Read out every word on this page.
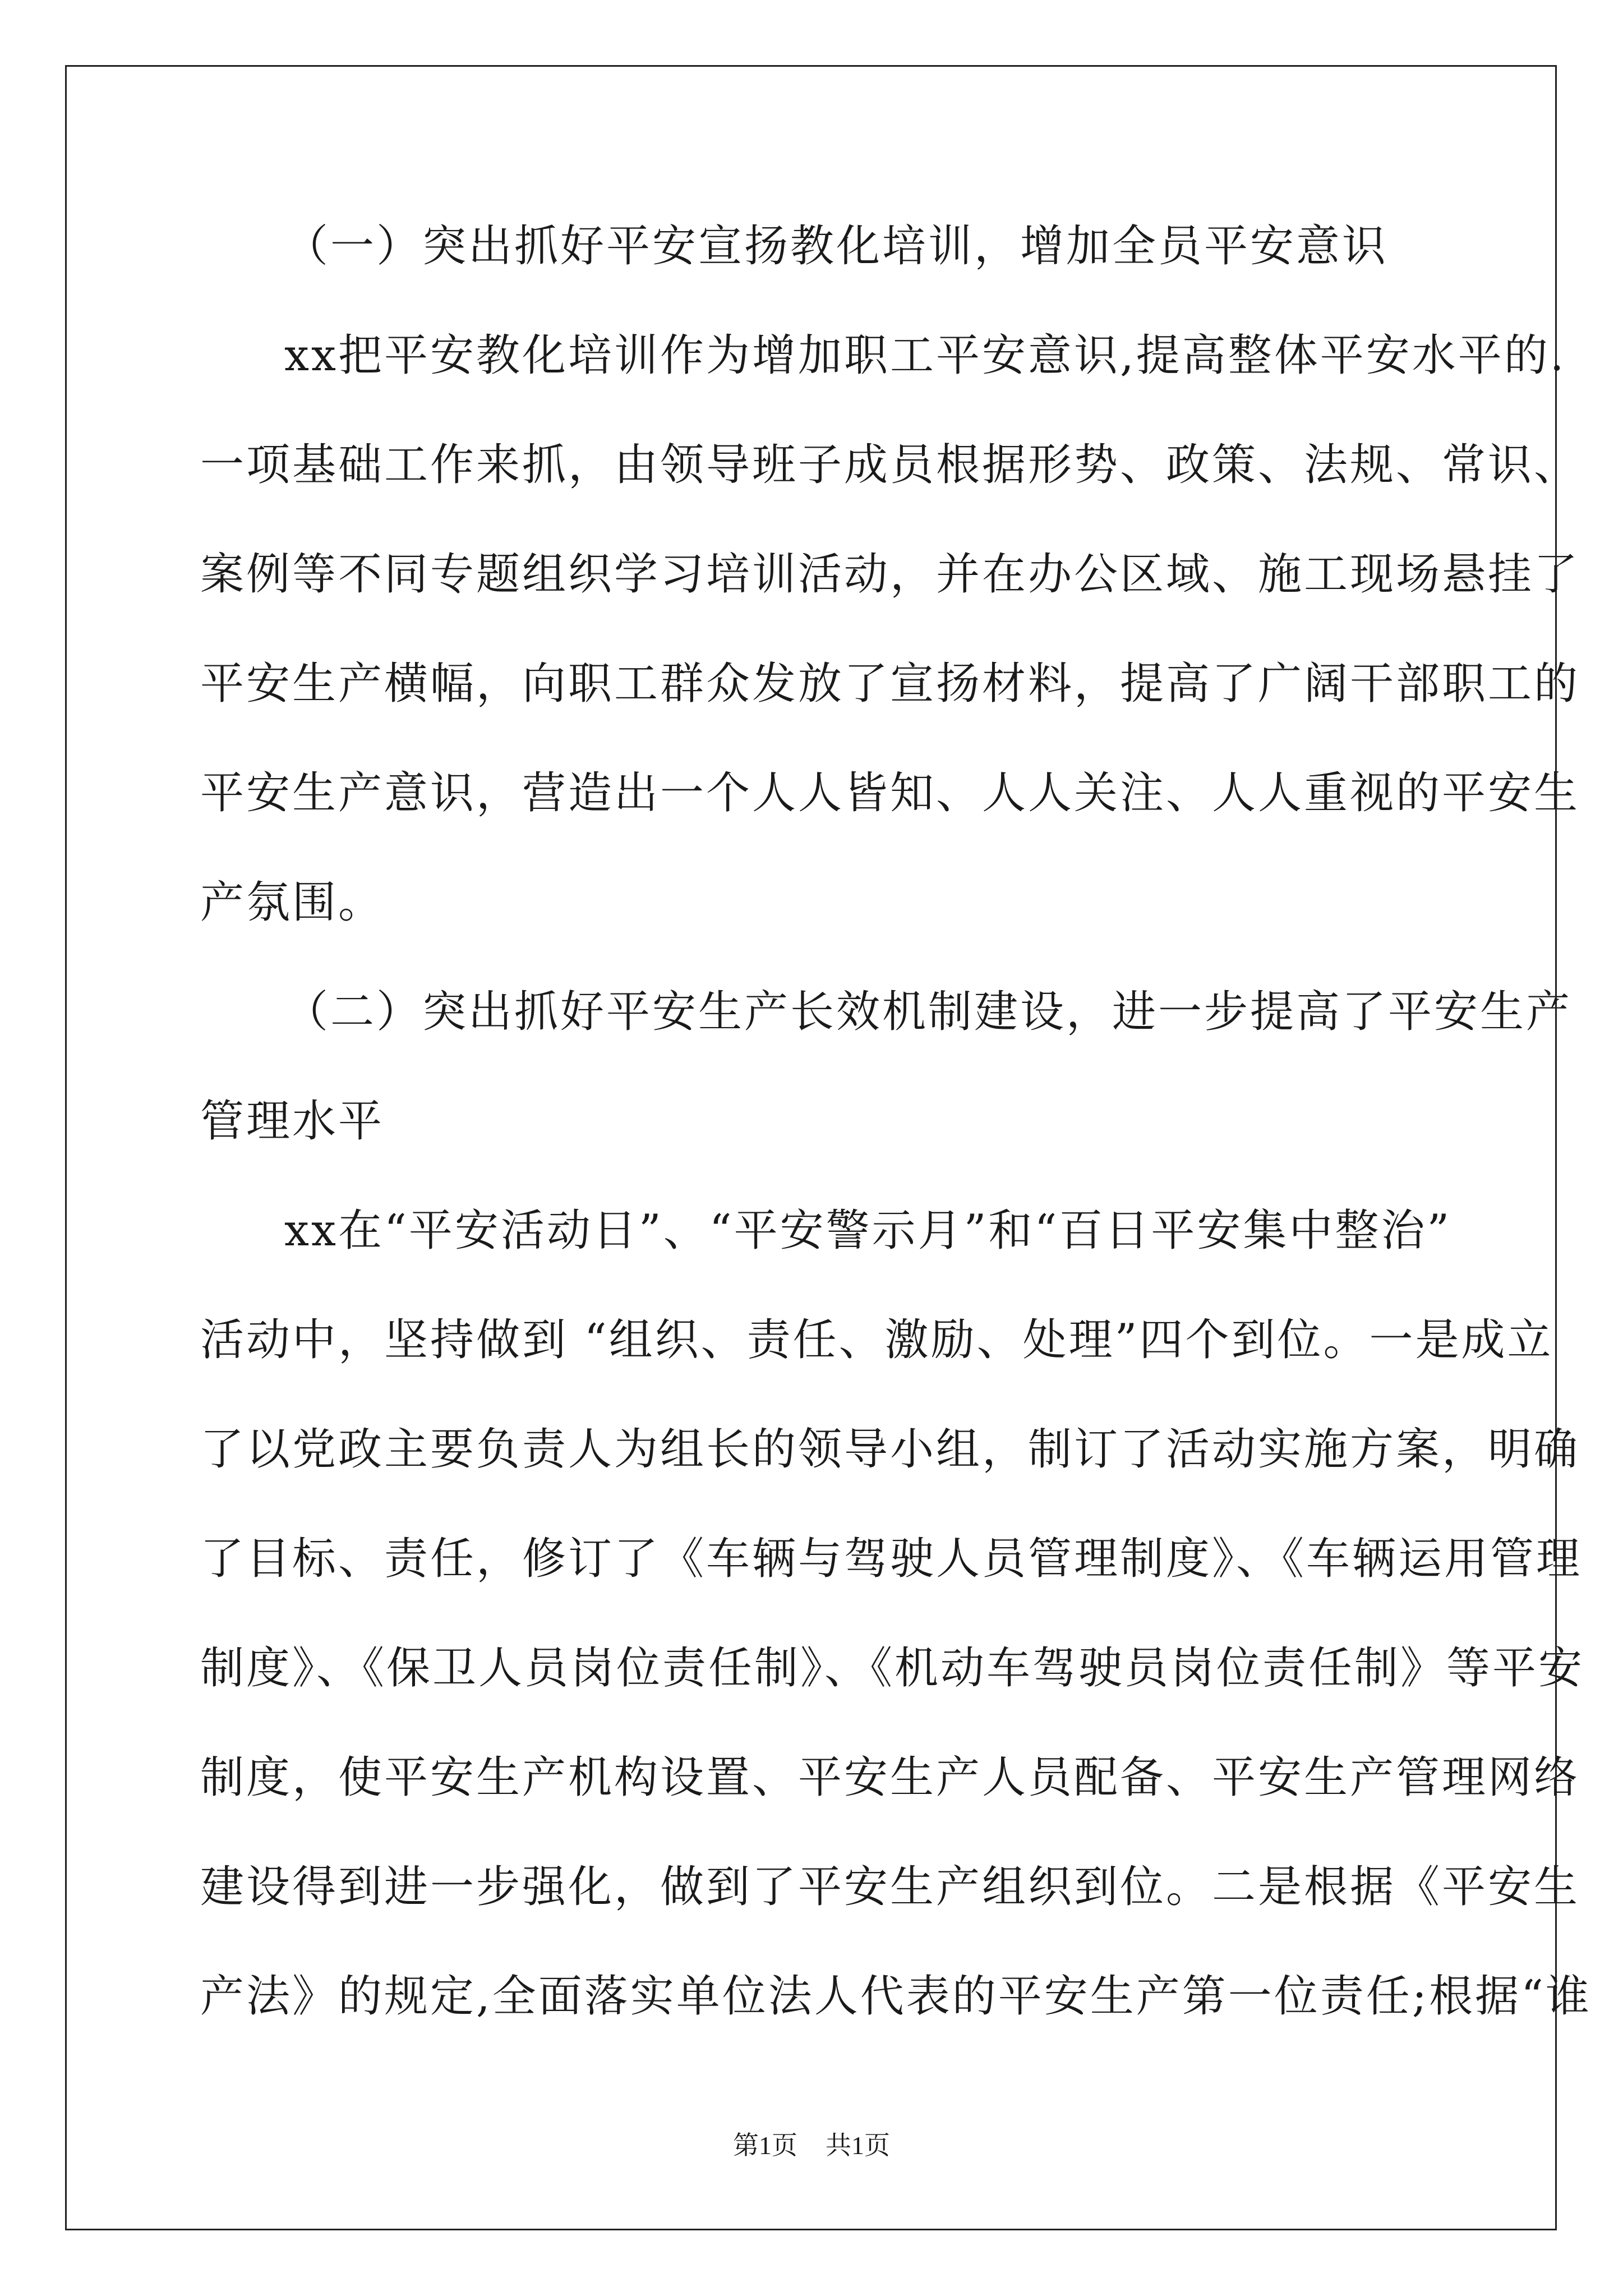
（一）突出抓好平安宣扬教化培训，增加全员平安意识
xx把平安教化培训作为增加职工平安意识,提高整体平安水平的.
一项基础工作来抓，由领导班子成员根据形势、政策、法规、常识、
案例等不同专题组织学习培训活动，并在办公区域、施工现场悬挂了
平安生产横幅，向职工群众发放了宣扬材料，提高了广阔干部职工的
平安生产意识，营造出一个人人皆知、人人关注、人人重视的平安生
产氛围。
（二）突出抓好平安生产长效机制建设，进一步提高了平安生产
管理水平
xx在“平安活动日”、“平安警示月”和“百日平安集中整治”
活动中，坚持做到 “组织、责任、激励、处理”四个到位。一是成立
了以党政主要负责人为组长的领导小组，制订了活动实施方案，明确
了目标、责任，修订了《车辆与驾驶人员管理制度》、《车辆运用管理
制度》、《保卫人员岗位责任制》、《机动车驾驶员岗位责任制》等平安
制度，使平安生产机构设置、平安生产人员配备、平安生产管理网络
建设得到进一步强化，做到了平安生产组织到位。二是根据《平安生
产法》的规定,全面落实单位法人代表的平安生产第一位责任;根据“谁
第1页 共1页
